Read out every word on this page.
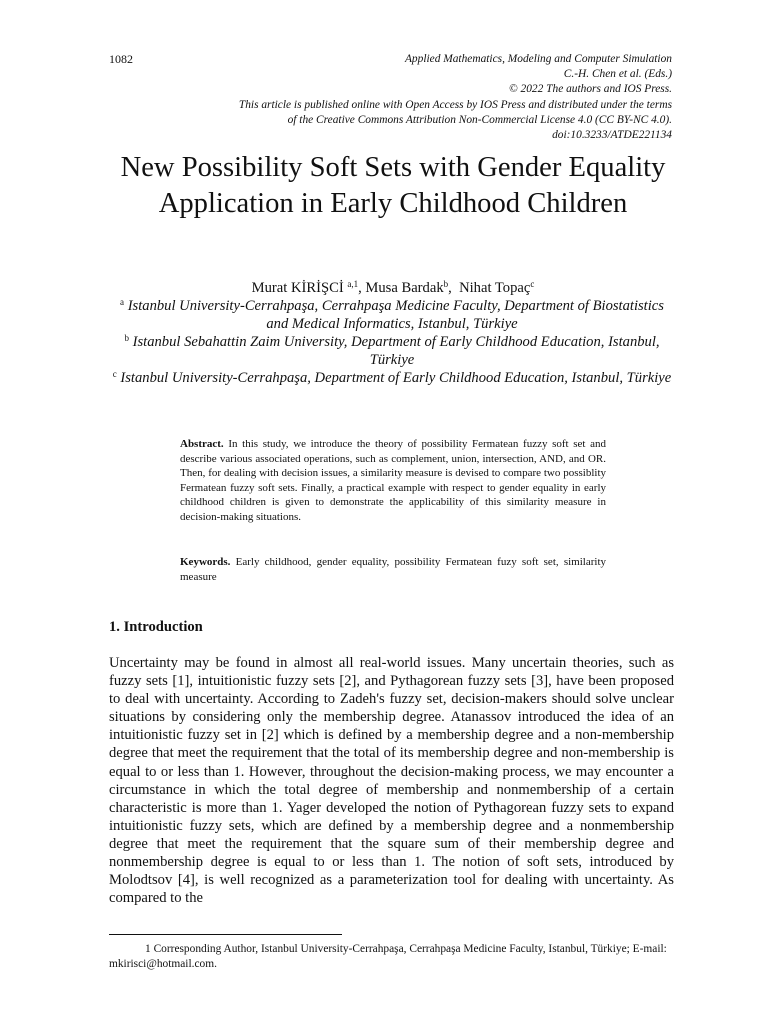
1082	Applied Mathematics, Modeling and Computer Simulation
C.-H. Chen et al. (Eds.)
© 2022 The authors and IOS Press.
This article is published online with Open Access by IOS Press and distributed under the terms
of the Creative Commons Attribution Non-Commercial License 4.0 (CC BY-NC 4.0).
doi:10.3233/ATDE221134
New Possibility Soft Sets with Gender Equality Application in Early Childhood Children
Murat KİRİŞCİ $^{a,1}$, Musa Bardak$^b$,  Nihat Topaç$^c$
$^a$ Istanbul University-Cerrahpaşa, Cerrahpaşa Medicine Faculty, Department of Biostatistics and Medical Informatics, Istanbul, Türkiye
$^b$ Istanbul Sebahattin Zaim University, Department of Early Childhood Education, Istanbul, Türkiye
$^c$ Istanbul University-Cerrahpaşa, Department of Early Childhood Education, Istanbul, Türkiye
Abstract. In this study, we introduce the theory of possibility Fermatean fuzzy soft set and describe various associated operations, such as complement, union, intersection, AND, and OR. Then, for dealing with decision issues, a similarity measure is devised to compare two possiblity Fermatean fuzzy soft sets. Finally, a practical example with respect to gender equality in early childhood children is given to demonstrate the applicability of this similarity measure in decision-making situations.
Keywords. Early childhood, gender equality, possibility Fermatean fuzy soft set, similarity measure
1. Introduction

Uncertainty may be found in almost all real-world issues. Many uncertain theories, such as fuzzy sets [1], intuitionistic fuzzy sets [2], and Pythagorean fuzzy sets [3], have been proposed to deal with uncertainty. According to Zadeh's fuzzy set, decision-makers should solve unclear situations by considering only the membership degree. Atanassov introduced the idea of an intuitionistic fuzzy set in [2] which is defined by a membership degree and a non-membership degree that meet the requirement that the total of its membership degree and non-membership is equal to or less than 1. However, throughout the decision-making process, we may encounter a circumstance in which the total degree of membership and nonmembership of a certain characteristic is more than 1. Yager developed the notion of Pythagorean fuzzy sets to expand intuitionistic fuzzy sets, which are defined by a membership degree and a nonmembership degree that meet the requirement that the square sum of their membership degree and nonmembership degree is equal to or less than 1. The notion of soft sets, introduced by Molodtsov [4], is well recognized as a parameterization tool for dealing with uncertainty. As compared to the

1 Corresponding Author, Istanbul University-Cerrahpaşa, Cerrahpaşa Medicine Faculty, Istanbul, Türkiye; E-mail: mkirisci@hotmail.com.
